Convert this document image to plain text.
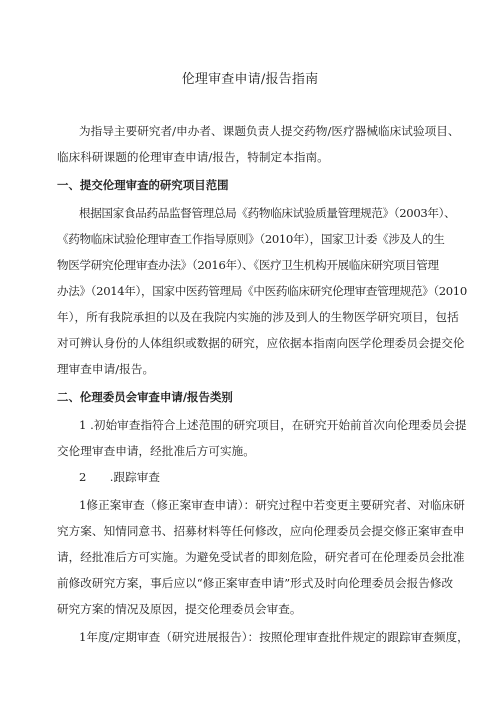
伦理审查申请/报告指南
为指导主要研究者/申办者、课题负责人提交药物/医疗器械临床试验项目、
临床科研课题的伦理审查申请/报告，特制定本指南。
一、提交伦理审查的研究项目范围
根据国家食品药品监督管理总局《药物临床试验质量管理规范》（2003年）、
《药物临床试验伦理审查工作指导原则》（2010年），国家卫计委《涉及人的生
物医学研究伦理审查办法》（2016年）、《医疗卫生机构开展临床研究项目管理
办法》（2014年），国家中医药管理局《中医药临床研究伦理审查管理规范》（2010
年），所有我院承担的以及在我院内实施的涉及到人的生物医学研究项目，包括
对可辨认身份的人体组织或数据的研究，应依据本指南向医学伦理委员会提交伦
理审查申请/报告。
二、伦理委员会审查申请/报告类别
1 .初始审查指符合上述范围的研究项目，在研究开始前首次向伦理委员会提
交伦理审查申请，经批准后方可实施。
2　　.跟踪审查
1修正案审查（修正案审查申请）：研究过程中若变更主要研究者、对临床研
究方案、知情同意书、招募材料等任何修改，应向伦理委员会提交修正案审查申
请，经批准后方可实施。为避免受试者的即刻危险，研究者可在伦理委员会批准
前修改研究方案，事后应以“修正案审查申请”形式及时向伦理委员会报告修改
研究方案的情况及原因，提交伦理委员会审查。
1年度/定期审查（研究进展报告）：按照伦理审查批件规定的跟踪审查频度，
